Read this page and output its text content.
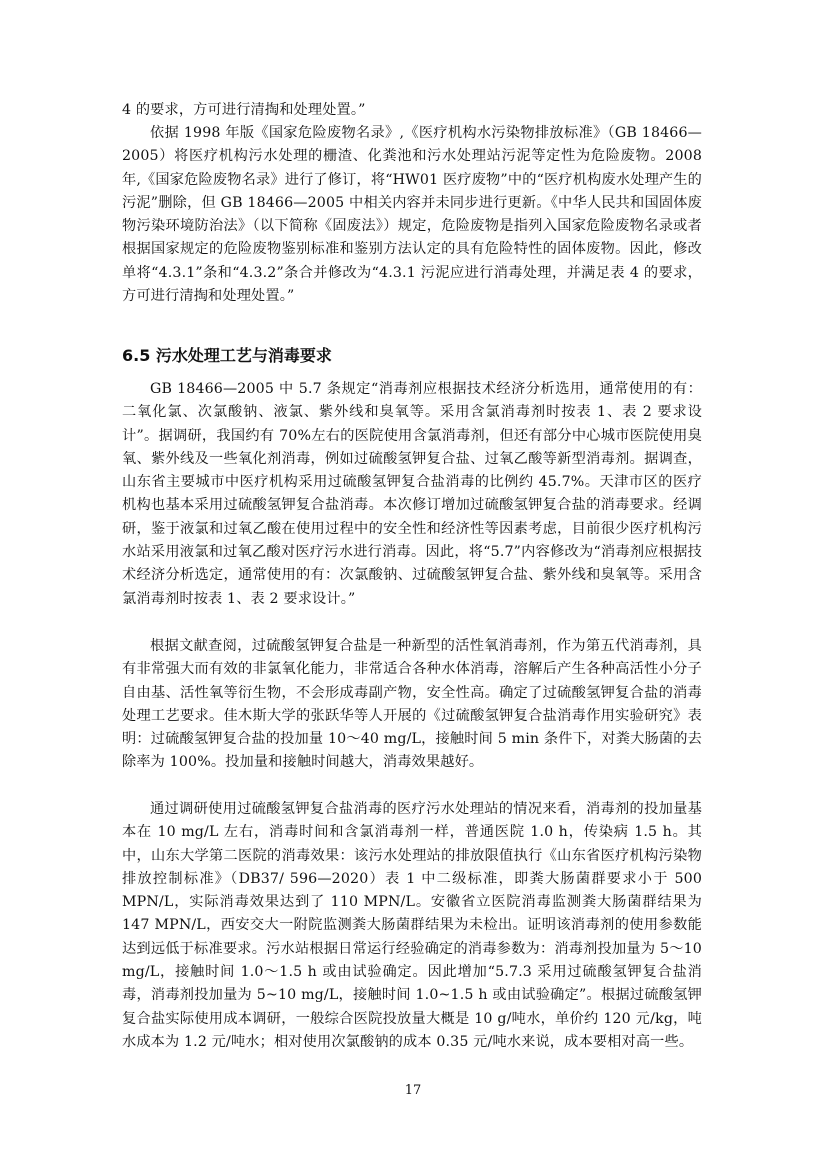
4 的要求，方可进行清掏和处理处置。”

依据 1998 年版《国家危险废物名录》,《医疗机构水污染物排放标准》（GB 18466—2005）将医疗机构污水处理的栅渣、化粪池和污水处理站污泥等定性为危险废物。2008 年,《国家危险废物名录》进行了修订，将“HW01 医疗废物”中的“医疗机构废水处理产生的污泥”删除，但 GB 18466—2005 中相关内容并未同步进行更新。《中华人民共和国固体废物污染环境防治法》（以下简称《固废法》）规定，危险废物是指列入国家危险废物名录或者根据国家规定的危险废物鉴别标准和鉴别方法认定的具有危险特性的固体废物。因此，修改单将“4.3.1”条和“4.3.2”条合并修改为“4.3.1 污泥应进行消毒处理，并满足表 4 的要求，方可进行清掏和处理处置。”

6.5 污水处理工艺与消毒要求

GB 18466—2005 中 5.7 条规定“消毒剂应根据技术经济分析选用，通常使用的有：二氧化氯、次氯酸钠、液氯、紫外线和臭氧等。采用含氯消毒剂时按表 1、表 2 要求设计”。据调研，我国约有 70%左右的医院使用含氯消毒剂，但还有部分中心城市医院使用臭氧、紫外线及一些氧化剂消毒，例如过硫酸氢钾复合盐、过氧乙酸等新型消毒剂。据调查，山东省主要城市中医疗机构采用过硫酸氢钾复合盐消毒的比例约 45.7%。天津市区的医疗机构也基本采用过硫酸氢钾复合盐消毒。本次修订增加过硫酸氢钾复合盐的消毒要求。经调研，鉴于液氯和过氧乙酸在使用过程中的安全性和经济性等因素考虑，目前很少医疗机构污水站采用液氯和过氧乙酸对医疗污水进行消毒。因此，将“5.7”内容修改为“消毒剂应根据技术经济分析选定，通常使用的有：次氯酸钠、过硫酸氢钾复合盐、紫外线和臭氧等。采用含氯消毒剂时按表 1、表 2 要求设计。”

根据文献查阅，过硫酸氢钾复合盐是一种新型的活性氧消毒剂，作为第五代消毒剂，具有非常强大而有效的非氯氧化能力，非常适合各种水体消毒，溶解后产生各种高活性小分子自由基、活性氧等衍生物，不会形成毒副产物，安全性高。确定了过硫酸氢钾复合盐的消毒处理工艺要求。佳木斯大学的张跃华等人开展的《过硫酸氢钾复合盐消毒作用实验研究》表明：过硫酸氢钾复合盐的投加量 10～40 mg/L，接触时间 5 min 条件下，对粪大肠菌的去除率为 100%。投加量和接触时间越大，消毒效果越好。

通过调研使用过硫酸氢钾复合盐消毒的医疗污水处理站的情况来看，消毒剂的投加量基本在 10 mg/L 左右，消毒时间和含氯消毒剂一样，普通医院 1.0 h，传染病 1.5 h。其中，山东大学第二医院的消毒效果：该污水处理站的排放限值执行《山东省医疗机构污染物排放控制标准》（DB37/ 596—2020）表 1 中二级标准，即粪大肠菌群要求小于 500 MPN/L，实际消毒效果达到了 110 MPN/L。安徽省立医院消毒监测粪大肠菌群结果为 147 MPN/L，西安交大一附院监测粪大肠菌群结果为未检出。证明该消毒剂的使用参数能达到远低于标准要求。污水站根据日常运行经验确定的消毒参数为：消毒剂投加量为 5～10 mg/L，接触时间 1.0～1.5 h 或由试验确定。因此增加“5.7.3 采用过硫酸氢钾复合盐消毒，消毒剂投加量为 5~10 mg/L，接触时间 1.0~1.5 h 或由试验确定”。根据过硫酸氢钾复合盐实际使用成本调研，一般综合医院投放量大概是 10 g/吨水，单价约 120 元/kg，吨水成本为 1.2 元/吨水；相对使用次氯酸钠的成本 0.35 元/吨水来说，成本要相对高一些。

17
